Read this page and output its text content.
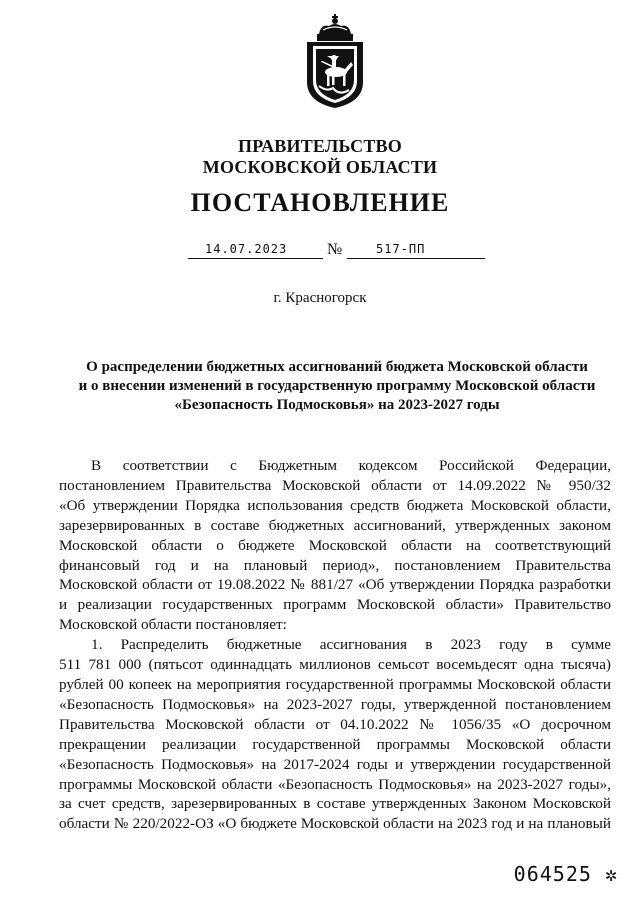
ПРАВИТЕЛЬСТВО
МОСКОВСКОЙ ОБЛАСТИ
ПОСТАНОВЛЕНИЕ
14.07.2023 №	517-ПП
г. Красногорск
О распределении бюджетных ассигнований бюджета Московской области
и о внесении изменений в государственную программу Московской области
«Безопасность Подмосковья» на 2023-2027 годы
В соответствии с Бюджетным кодексом Российской Федерации,
постановлением Правительства Московской области от 14.09.2022 № 950/32
«Об утверждении Порядка использования средств бюджета Московской области,
зарезервированных в составе бюджетных ассигнований, утвержденных законом
Московской области о бюджете Московской области на соответствующий
финансовый год и на плановый период», постановлением Правительства
Московской области от 19.08.2022 № 881/27 «Об утверждении Порядка разработки
и реализации государственных программ Московской области» Правительство
Московской области постановляет:
1. Распределить бюджетные ассигнования в 2023 году в сумме
511 781 000 (пятьсот одиннадцать миллионов семьсот восемьдесят одна тысяча)
рублей 00 копеек на мероприятия государственной программы Московской области
«Безопасность Подмосковья» на 2023-2027 годы, утвержденной постановлением
Правительства Московской области от 04.10.2022 № 1056/35 «О досрочном
прекращении реализации государственной программы Московской области
«Безопасность Подмосковья» на 2017-2024 годы и утверждении государственной
программы Московской области «Безопасность Подмосковья» на 2023-2027 годы»,
за счет средств, зарезервированных в составе утвержденных Законом Московской
области № 220/2022-ОЗ «О бюджете Московской области на 2023 год и на плановый
064525 ✲
